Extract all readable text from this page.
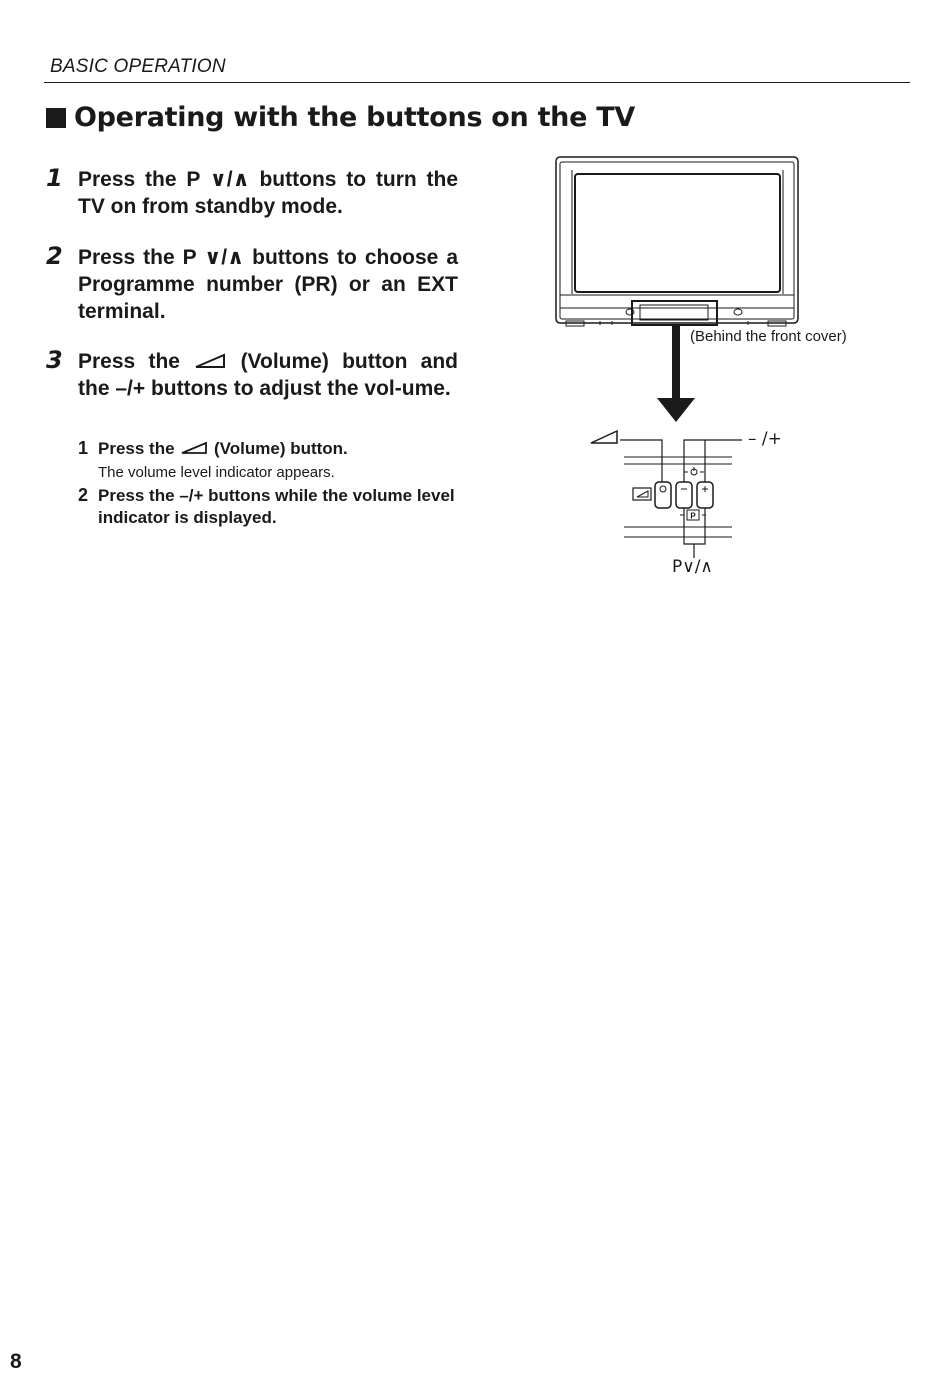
BASIC OPERATION
Operating with the buttons on the TV
1 Press the P ∨/∧ buttons to turn the TV on from standby mode.
2 Press the P ∨/∧ buttons to choose a Programme number (PR) or an EXT terminal.
3 Press the	(Volume) button and the –/+ buttons to adjust the vol-ume.
1 Press the (Volume) button.
The volume level indicator appears.
2 Press the –/+ buttons while the volume level indicator is displayed.	P
(Behind the front cover)
– /+
P∨/∧
8
